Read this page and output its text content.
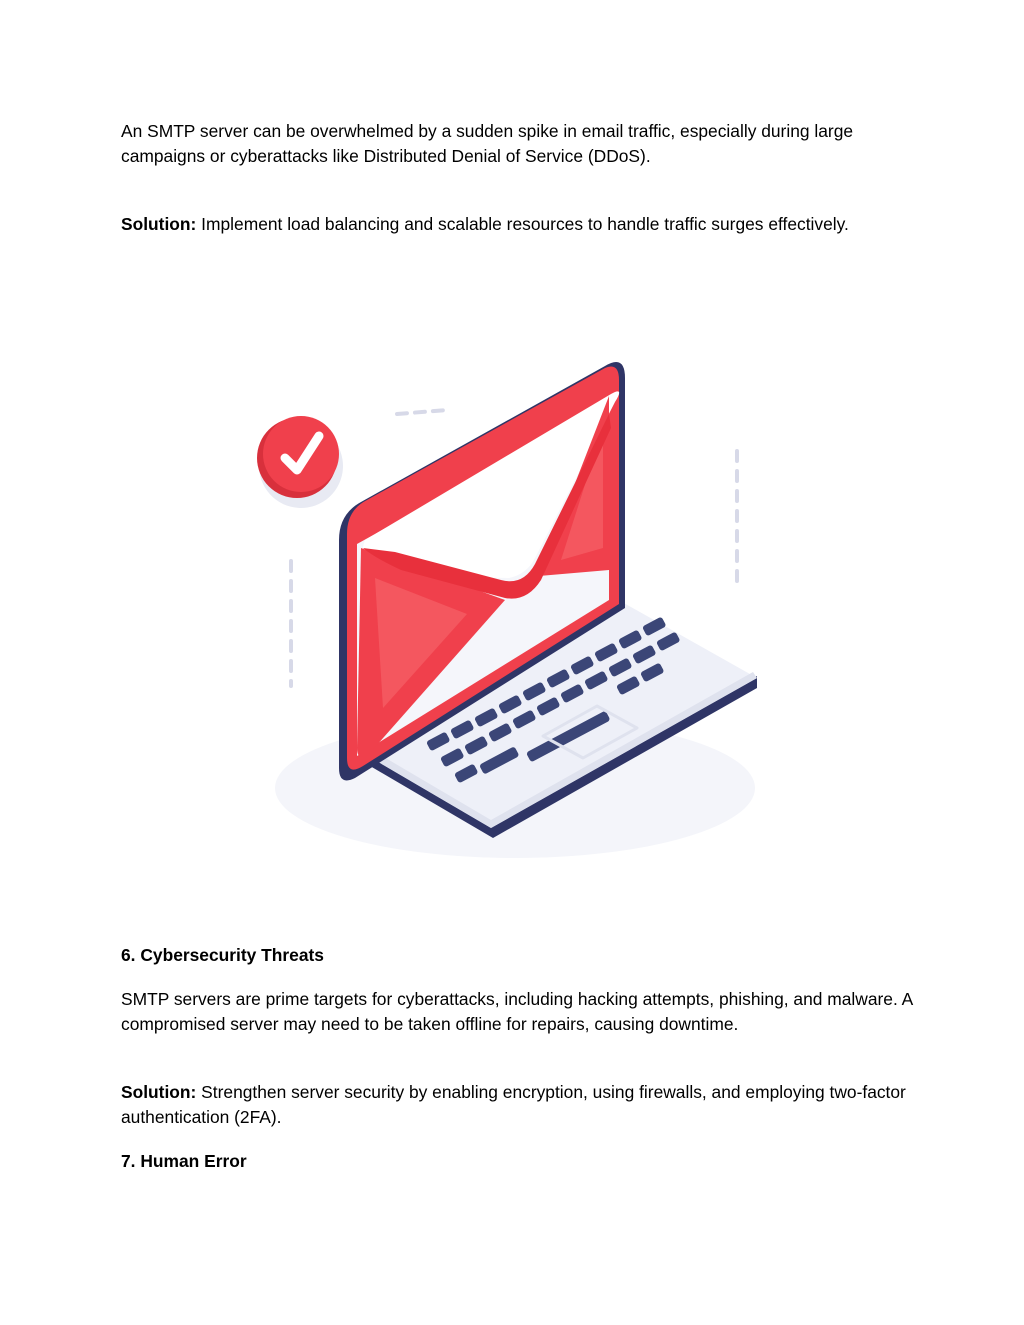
An SMTP server can be overwhelmed by a sudden spike in email traffic, especially during large campaigns or cyberattacks like Distributed Denial of Service (DDoS).

Solution: Implement load balancing and scalable resources to handle traffic surges effectively.

6. Cybersecurity Threats

SMTP servers are prime targets for cyberattacks, including hacking attempts, phishing, and malware. A compromised server may need to be taken offline for repairs, causing downtime.

Solution: Strengthen server security by enabling encryption, using firewalls, and employing two-factor authentication (2FA).

7. Human Error
